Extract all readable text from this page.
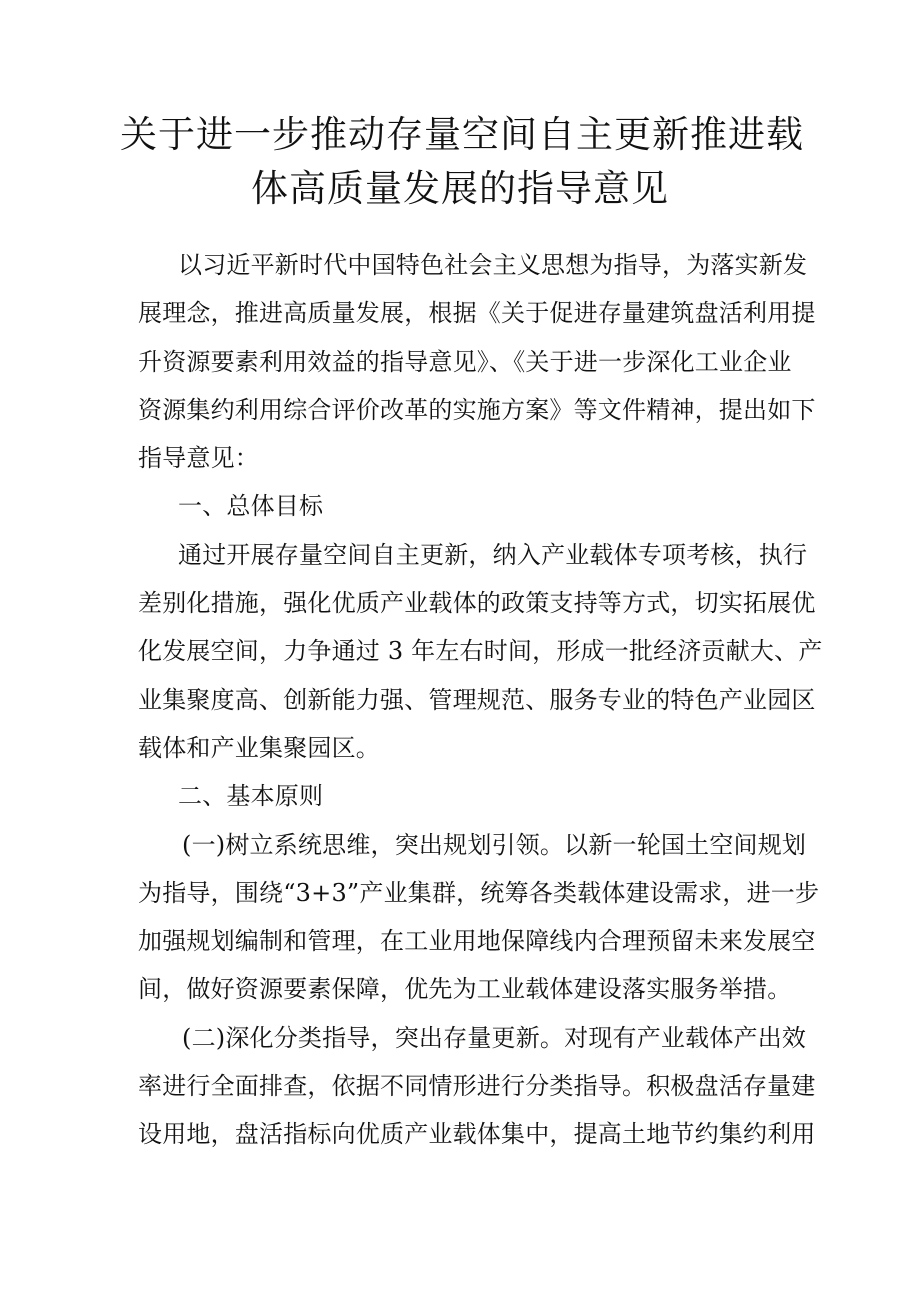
关于进一步推动存量空间自主更新推进载
体高质量发展的指导意见
以习近平新时代中国特色社会主义思想为指导，为落实新发
展理念，推进高质量发展，根据《关于促进存量建筑盘活利用提
升资源要素利用效益的指导意见》、《关于进一步深化工业企业
资源集约利用综合评价改革的实施方案》等文件精神，提出如下
指导意见：
一、总体目标
通过开展存量空间自主更新，纳入产业载体专项考核，执行
差别化措施，强化优质产业载体的政策支持等方式，切实拓展优
化发展空间，力争通过 3 年左右时间，形成一批经济贡献大、产
业集聚度高、创新能力强、管理规范、服务专业的特色产业园区
载体和产业集聚园区。
二、基本原则
(一)树立系统思维，突出规划引领。以新一轮国土空间规划
为指导，围绕“3+3”产业集群，统筹各类载体建设需求，进一步
加强规划编制和管理，在工业用地保障线内合理预留未来发展空
间，做好资源要素保障，优先为工业载体建设落实服务举措。
(二)深化分类指导，突出存量更新。对现有产业载体产出效
率进行全面排查，依据不同情形进行分类指导。积极盘活存量建
设用地，盘活指标向优质产业载体集中，提高土地节约集约利用
